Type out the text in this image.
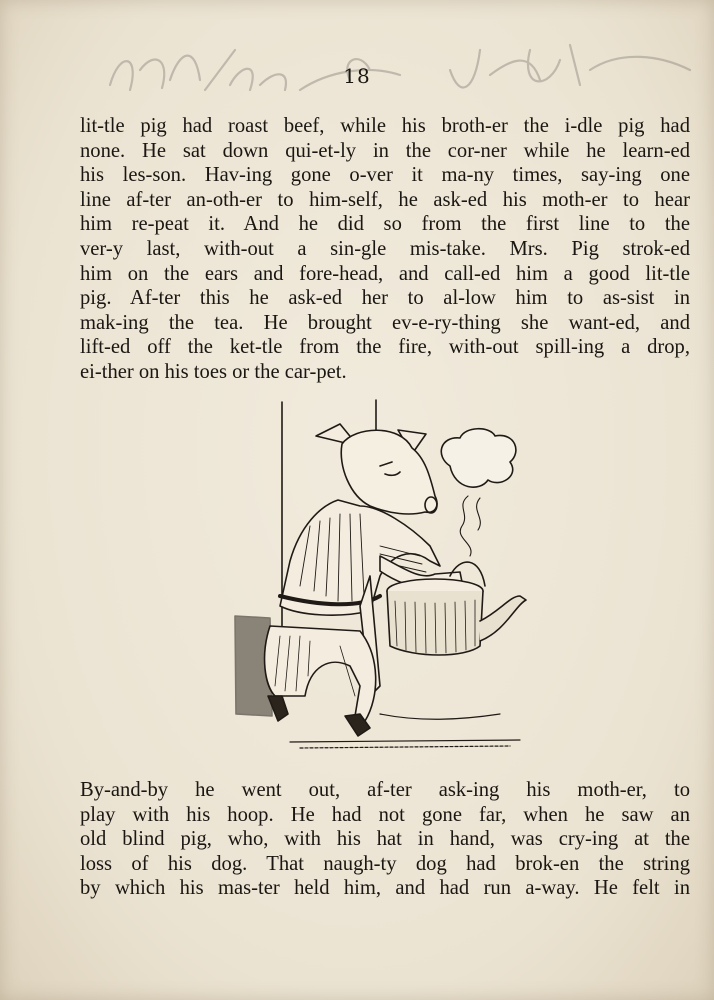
18
lit-tle pig had roast beef, while his broth-er the i-dle pig had
none. He sat down qui-et-ly in the cor-ner while he learn-ed
his les-son. Hav-ing gone o-ver it ma-ny times, say-ing one
line af-ter an-oth-er to him-self, he ask-ed his moth-er to hear
him re-peat it. And he did so from the first line to the
ver-y last, with-out a sin-gle mis-take. Mrs. Pig strok-ed
him on the ears and fore-head, and call-ed him a good lit-tle
pig. Af-ter this he ask-ed her to al-low him to as-sist in
mak-ing the tea. He brought ev-e-ry-thing she want-ed, and
lift-ed off the ket-tle from the fire, with-out spill-ing a drop,
ei-ther on his toes or the car-pet.
By-and-by he went out, af-ter ask-ing his moth-er, to
play with his hoop. He had not gone far, when he saw an
old blind pig, who, with his hat in hand, was cry-ing at the
loss of his dog. That naugh-ty dog had brok-en the string
by which his mas-ter held him, and had run a-way. He felt in
